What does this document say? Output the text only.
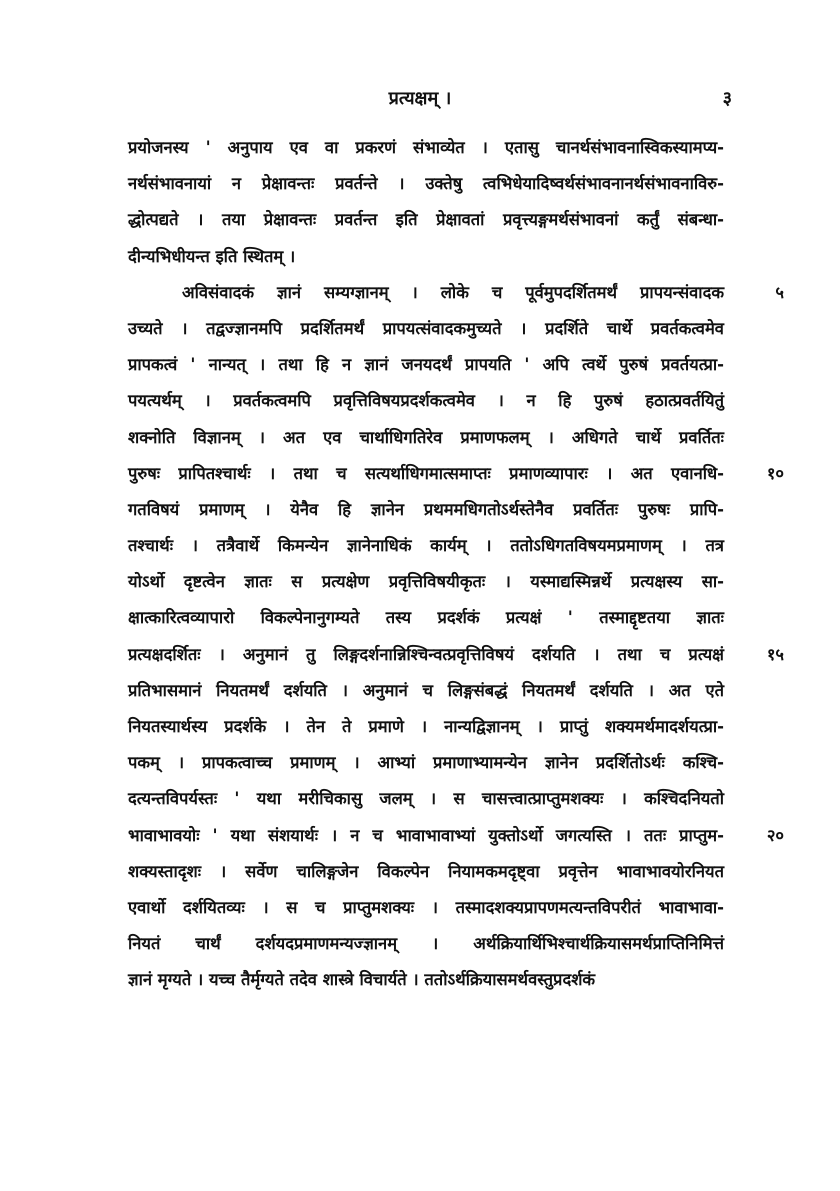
प्रत्यक्षम् ।	३
प्रयोजनस्य ' अनुपाय एव वा प्रकरणं संभाव्येत । एतासु चानर्थसंभावनास्विकस्यामप्य-
नर्थसंभावनायां न प्रेक्षावन्तः प्रवर्तन्ते । उक्तेषु त्वभिधेयादिष्वर्थसंभावनानर्थसंभावनाविरु-
द्धोत्पद्यते । तया प्रेक्षावन्तः प्रवर्तन्त इति प्रेक्षावतां प्रवृत्त्यङ्गमर्थसंभावनां कर्तुं संबन्धा-
दीन्यभिधीयन्त इति स्थितम् ।
अविसंवादकं ज्ञानं सम्यग्ज्ञानम् । लोके च पूर्वमुपदर्शितमर्थं प्रापयन्संवादक	५
उच्यते । तद्वज्ज्ञानमपि प्रदर्शितमर्थं प्रापयत्संवादकमुच्यते । प्रदर्शिते चार्थे प्रवर्तकत्वमेव
प्रापकत्वं ' नान्यत् । तथा हि न ज्ञानं जनयदर्थं प्रापयति ' अपि त्वर्थे पुरुषं प्रवर्तयत्प्रा-
पयत्यर्थम् । प्रवर्तकत्वमपि प्रवृत्तिविषयप्रदर्शकत्वमेव । न हि पुरुषं हठात्प्रवर्तयितुं
शक्नोति विज्ञानम् । अत एव चार्थाधिगतिरेव प्रमाणफलम् । अधिगते चार्थे प्रवर्तितः
पुरुषः प्रापितश्चार्थः । तथा च सत्यर्थाधिगमात्समाप्तः प्रमाणव्यापारः । अत एवानधि-	१०
गतविषयं प्रमाणम् । येनैव हि ज्ञानेन प्रथममधिगतोऽर्थस्तेनैव प्रवर्तितः पुरुषः प्रापि-
तश्चार्थः । तत्रैवार्थे किमन्येन ज्ञानेनाधिकं कार्यम् । ततोऽधिगतविषयमप्रमाणम् । तत्र
योऽर्थो दृष्टत्वेन ज्ञातः स प्रत्यक्षेण प्रवृत्तिविषयीकृतः । यस्माद्यस्मिन्नर्थे प्रत्यक्षस्य सा-
क्षात्कारित्वव्यापारो विकल्पेनानुगम्यते तस्य प्रदर्शकं प्रत्यक्षं ' तस्माद्दृष्टतया ज्ञातः
प्रत्यक्षदर्शितः । अनुमानं तु लिङ्गदर्शनान्निश्चिन्वत्प्रवृत्तिविषयं दर्शयति । तथा च प्रत्यक्षं	१५
प्रतिभासमानं नियतमर्थं दर्शयति । अनुमानं च लिङ्गसंबद्धं नियतमर्थं दर्शयति । अत एते
नियतस्यार्थस्य प्रदर्शके । तेन ते प्रमाणे । नान्यद्विज्ञानम् । प्राप्तुं शक्यमर्थमादर्शयत्प्रा-
पकम् । प्रापकत्वाच्च प्रमाणम् । आभ्यां प्रमाणाभ्यामन्येन ज्ञानेन प्रदर्शितोऽर्थः कश्चि-
दत्यन्तविपर्यस्तः ' यथा मरीचिकासु जलम् । स चासत्त्वात्प्राप्तुमशक्यः । कश्चिदनियतो
भावाभावयोः ' यथा संशयार्थः । न च भावाभावाभ्यां युक्तोऽर्थो जगत्यस्ति । ततः प्राप्तुम-	२०
शक्यस्तादृशः । सर्वेण चालिङ्गजेन विकल्पेन नियामकमदृष्ट्वा प्रवृत्तेन भावाभावयोरनियत
एवार्थो दर्शयितव्यः । स च प्राप्तुमशक्यः । तस्मादशक्यप्रापणमत्यन्तविपरीतं भावाभावा-
नियतं चार्थं दर्शयदप्रमाणमन्यज्ज्ञानम् । अर्थक्रियार्थिभिश्चार्थक्रियासमर्थप्राप्तिनिमित्तं
ज्ञानं मृग्यते । यच्च तैर्मृग्यते तदेव शास्त्रे विचार्यते । ततोऽर्थक्रियासमर्थवस्तुप्रदर्शकं
